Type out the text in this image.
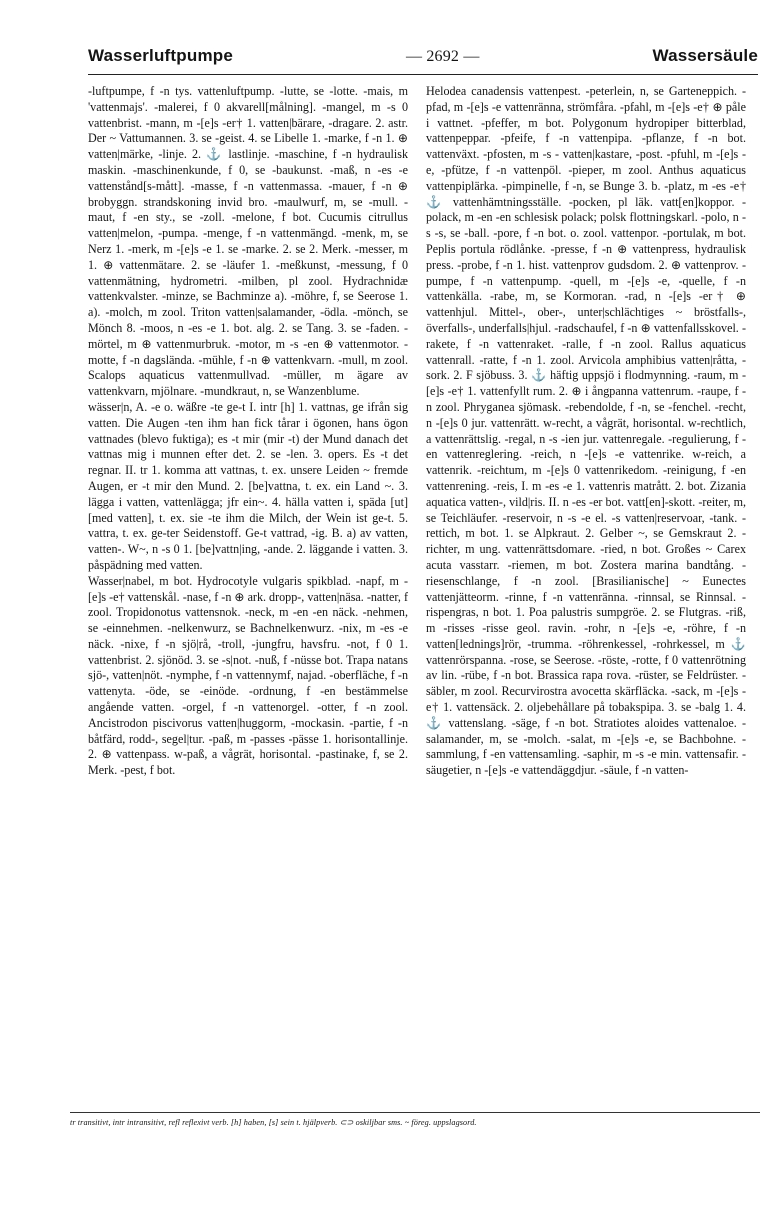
Wasserluftpumpe	— 2692 —	Wassersäule

-luftpumpe, f -n tys. vattenluftpump. -lutte, se -lotte. -mais, m 'vattenmajs'. -malerei, f 0 akvarell[målning]. -mangel, m -s 0 vattenbrist. -mann, m -[e]s -er† 1. vatten|bärare, -dragare. 2. astr. Der ~ Vattumannen. 3. se -geist. 4. se Libelle 1. -marke, f -n 1. ⊕ vatten|märke, -linje. 2. ⚓ lastlinje. -maschine, f -n hydraulisk maskin. -maschinenkunde, f 0, se -baukunst. -maß, n -es -e vattenstånd[s-mått]. -masse, f -n vattenmassa. -mauer, f -n ⊕ brobyggn. strandskoning invid bro. -maulwurf, m, se -mull. -maut, f -en sty., se -zoll. -melone, f bot. Cucumis citrullus vatten|melon, -pumpa. -menge, f -n vattenmängd. -menk, m, se Nerz 1. -merk, m -[e]s -e 1. se -marke. 2. se 2. Merk. -messer, m 1. ⊕ vattenmätare. 2. se -läufer 1. -meßkunst, -messung, f 0 vattenmätning, hydrometri. -milben, pl zool. Hydrachnidæ vattenkvalster. -minze, se Bachminze a). -möhre, f, se Seerose 1. a). -molch, m zool. Triton vatten|salamander, -ödla. -mönch, se Mönch 8. -moos, n -es -e 1. bot. alg. 2. se Tang. 3. se -faden. -mörtel, m ⊕ vattenmurbruk. -motor, m -s -en ⊕ vattenmotor. -motte, f -n dagslända. -mühle, f -n ⊕ vattenkvarn. -mull, m zool. Scalops aquaticus vattenmullvad. -müller, m ägare av vattenkvarn, mjölnare. -mundkraut, n, se Wanzenblume.

wässer|n, A. -e o. wäßre -te ge-t I. intr [h] 1. vattnas, ge ifrån sig vatten. Die Augen -ten ihm han fick tårar i ögonen, hans ögon vattnades (blevo fuktiga); es -t mir (mir -t) der Mund danach det vattnas mig i munnen efter det. 2. se -len. 3. opers. Es -t det regnar. II. tr 1. komma att vattnas, t. ex. unsere Leiden ~ fremde Augen, er -t mir den Mund. 2. [be]vattna, t. ex. ein Land ~. 3. lägga i vatten, vattenlägga; jfr ein~. 4. hälla vatten i, späda [ut] [med vatten], t. ex. sie -te ihm die Milch, der Wein ist ge-t. 5. vattra, t. ex. ge-ter Seidenstoff. Ge-t vattrad, -ig. B. a) av vatten, vatten-. W~, n -s 0 1. [be]vattn|ing, -ande. 2. läggande i vatten. 3. påspädning med vatten.

Wasser|nabel, m bot. Hydrocotyle vulgaris spikblad. -napf, m -[e]s -e† vattenskål. -nase, f -n ⊕ ark. dropp-, vatten|näsa. -natter, f zool. Tropidonotus vattensnok. -neck, m -en -en näck. -nehmen, se -einnehmen. -nelkenwurz, se Bachnelkenwurz. -nix, m -es -e näck. -nixe, f -n sjö|rå, -troll, -jungfru, havsfru. -not, f 0 1. vattenbrist. 2. sjönöd. 3. se -s|not. -nuß, f -nüsse bot. Trapa natans sjö-, vatten|nöt. -nymphe, f -n vattennymf, najad. -oberfläche, f -n vattenyta. -öde, se -einöde. -ordnung, f -en bestämmelse angående vatten. -orgel, f -n vattenorgel. -otter, f -n zool. Ancistrodon piscivorus vatten|huggorm, -mockasin. -partie, f -n båtfärd, rodd-, segel|tur. -paß, m -passes -pässe 1. horisontallinje. 2. ⊕ vattenpass. w-paß, a vågrät, horisontal. -pastinake, f, se 2. Merk. -pest, f bot.

Helodea canadensis vattenpest. -peterlein, n, se Garteneppich. -pfad, m -[e]s -e vattenränna, strömfåra. -pfahl, m -[e]s -e† ⊕ påle i vattnet. -pfeffer, m bot. Polygonum hydropiper bitterblad, vattenpeppar. -pfeife, f -n vattenpipa. -pflanze, f -n bot. vattenväxt. -pfosten, m -s - vatten|kastare, -post. -pfuhl, m -[e]s -e, -pfütze, f -n vattenpöl. -pieper, m zool. Anthus aquaticus vattenpiplärka. -pimpinelle, f -n, se Bunge 3. b. -platz, m -es -e† ⚓ vattenhämtningsställe. -pocken, pl läk. vatt[en]koppor. -polack, m -en -en schlesisk polack; polsk flottningskarl. -polo, n -s -s, se -ball. -pore, f -n bot. o. zool. vattenpor. -portulak, m bot. Peplis portula rödlånke. -presse, f -n ⊕ vattenpress, hydraulisk press. -probe, f -n 1. hist. vattenprov gudsdom. 2. ⊕ vattenprov. -pumpe, f -n vattenpump. -quell, m -[e]s -e, -quelle, f -n vattenkälla. -rabe, m, se Kormoran. -rad, n -[e]s -er† ⊕ vattenhjul. Mittel-, ober-, unter|schlächtiges ~ bröstfalls-, överfalls-, underfalls|hjul. -radschaufel, f -n ⊕ vattenfallsskovel. -rakete, f -n vattenraket. -ralle, f -n zool. Rallus aquaticus vattenrall. -ratte, f -n 1. zool. Arvicola amphibius vatten|råtta, -sork. 2. F sjöbuss. 3. ⚓ häftig uppsjö i flodmynning. -raum, m -[e]s -e† 1. vattenfyllt rum. 2. ⊕ i ångpanna vattenrum. -raupe, f -n zool. Phryganea sjömask. -rebendolde, f -n, se -fenchel. -recht, n -[e]s 0 jur. vattenrätt. w-recht, a vågrät, horisontal. w-rechtlich, a vattenrättslig. -regal, n -s -ien jur. vattenregale. -regulierung, f -en vattenreglering. -reich, n -[e]s -e vattenrike. w-reich, a vattenrik. -reichtum, m -[e]s 0 vattenrikedom. -reinigung, f -en vattenrening. -reis, I. m -es -e 1. vattenris matrått. 2. bot. Zizania aquatica vatten-, vild|ris. II. n -es -er bot. vatt[en]-skott. -reiter, m, se Teichläufer. -reservoir, n -s -e el. -s vatten|reservoar, -tank. -rettich, m bot. 1. se Alpkraut. 2. Gelber ~, se Gemskraut 2. -richter, m ung. vattenrättsdomare. -ried, n bot. Großes ~ Carex acuta vasstarr. -riemen, m bot. Zostera marina bandtång. -riesenschlange, f -n zool. [Brasilianische] ~ Eunectes vattenjätteorm. -rinne, f -n vattenränna. -rinnsal, se Rinnsal. -rispengras, n bot. 1. Poa palustris sumpgröe. 2. se Flutgras. -riß, m -risses -risse geol. ravin. -rohr, n -[e]s -e, -röhre, f -n vatten[lednings]rör, -trumma. -röhrenkessel, -rohrkessel, m ⚓ vattenrörspanna. -rose, se Seerose. -röste, -rotte, f 0 vattenrötning av lin. -rübe, f -n bot. Brassica rapa rova. -rüster, se Feldrüster. -säbler, m zool. Recurvirostra avocetta skärfläcka. -sack, m -[e]s -e† 1. vattensäck. 2. oljebehållare på tobakspipa. 3. se -balg 1. 4. ⚓ vattenslang. -säge, f -n bot. Stratiotes aloides vattenaloe. -salamander, m, se -molch. -salat, m -[e]s -e, se Bachbohne. -sammlung, f -en vattensamling. -saphir, m -s -e min. vattensafir. -säugetier, n -[e]s -e vattendäggdjur. -säule, f -n vatten-

tr transitivt, intr intransitivt, refl reflexivt verb. [h] haben, [s] sein t. hjälpverb. ⊂⊃ oskiljbar sms. ~ föreg. uppslagsord.
